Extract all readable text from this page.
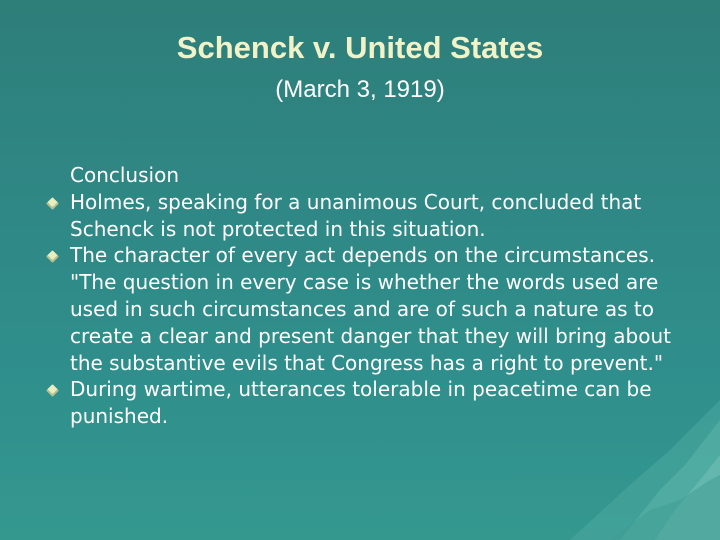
Schenck v. United States
(March 3, 1919)
Conclusion
Holmes, speaking for a unanimous Court, concluded that Schenck is not protected in this situation.
The character of every act depends on the circumstances. "The question in every case is whether the words used are used in such circumstances and are of such a nature as to create a clear and present danger that they will bring about the substantive evils that Congress has a right to prevent."
During wartime, utterances tolerable in peacetime can be punished.
